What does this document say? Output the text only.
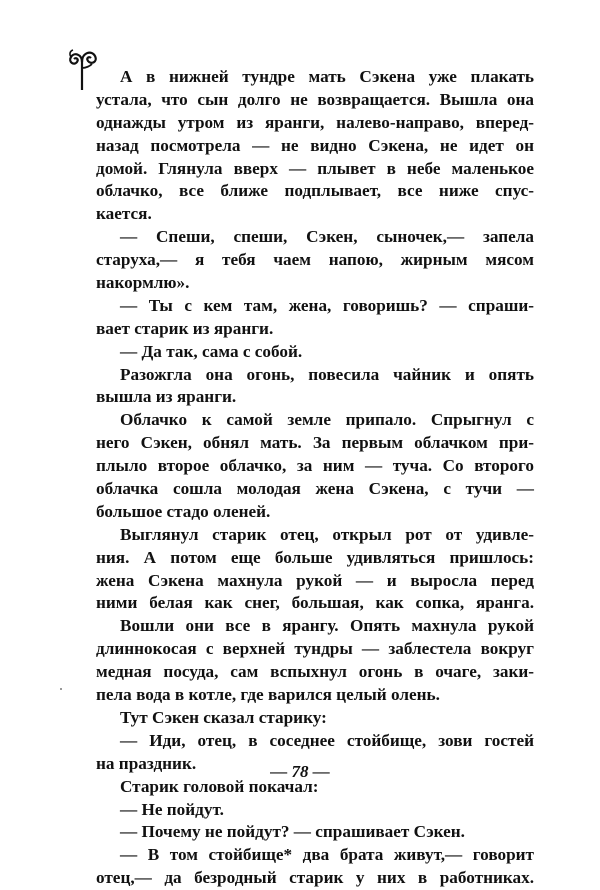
А в нижней тундре мать Сэкена уже плакать
устала, что сын долго не возвращается. Вышла она
однажды утром из яранги, налево-направо, вперед-
назад посмотрела — не видно Сэкена, не идет он
домой. Глянула вверх — плывет в небе маленькое
облачко, все ближе подплывает, все ниже спус-
кается.
— Спеши, спеши, Сэкен, сыночек,— запела
старуха,— я тебя чаем напою, жирным мясом
накормлю».
— Ты с кем там, жена, говоришь? — спраши-
вает старик из яранги.
— Да так, сама с собой.
Разожгла она огонь, повесила чайник и опять
вышла из яранги.
Облачко к самой земле припало. Спрыгнул с
него Сэкен, обнял мать. За первым облачком при-
плыло второе облачко, за ним — туча. Со второго
облачка сошла молодая жена Сэкена, с тучи —
большое стадо оленей.
Выглянул старик отец, открыл рот от удивле-
ния. А потом еще больше удивляться пришлось:
жена Сэкена махнула рукой — и выросла перед
ними белая как снег, большая, как сопка, яранга.
Вошли они все в ярангу. Опять махнула рукой
длиннокосая с верхней тундры — заблестела вокруг
медная посуда, сам вспыхнул огонь в очаге, заки-
пела вода в котле, где варился целый олень.
Тут Сэкен сказал старику:
— Иди, отец, в соседнее стойбище, зови гостей
на праздник.
Старик головой покачал:
— Не пойдут.
— Почему не пойдут? — спрашивает Сэкен.
— В том стойбище* два брата живут,— говорит
отец,— да безродный старик у них в работниках.
— 78 —
